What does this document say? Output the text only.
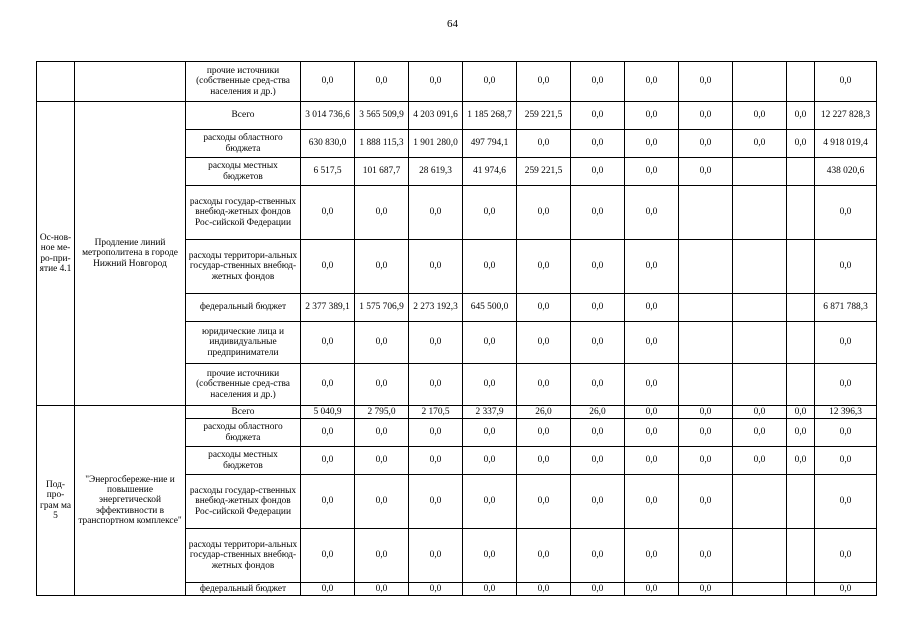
64
		прочие источники (собственные сред-ства населения и др.)	0,0	0,0	0,0	0,0	0,0	0,0	0,0	0,0			0,0
Ос-нов-ное ме-ро-при-ятие 4.1	Продление линий метрополитена в городе Нижний Новгород	Всего	3 014 736,6	3 565 509,9	4 203 091,6	1 185 268,7	259 221,5	0,0	0,0	0,0	0,0	0,0	12 227 828,3
		расходы областного бюджета	630 830,0	1 888 115,3	1 901 280,0	497 794,1	0,0	0,0	0,0	0,0	0,0	0,0	4 918 019,4
		расходы местных бюджетов	6 517,5	101 687,7	28 619,3	41 974,6	259 221,5	0,0	0,0	0,0			438 020,6
		расходы государ-ственных внебюд-жетных фондов Рос-сийской Федерации	0,0	0,0	0,0	0,0	0,0	0,0	0,0				0,0
		расходы территори-альных государ-ственных внебюд-жетных фондов	0,0	0,0	0,0	0,0	0,0	0,0	0,0				0,0
		федеральный бюджет	2 377 389,1	1 575 706,9	2 273 192,3	645 500,0	0,0	0,0	0,0				6 871 788,3
		юридические лица и индивидуальные предприниматели	0,0	0,0	0,0	0,0	0,0	0,0	0,0				0,0
		прочие источники (собственные сред-ства населения и др.)	0,0	0,0	0,0	0,0	0,0	0,0	0,0				0,0
Под-про-грам ма 5	"Энергосбереже-ние и повышение энергетической эффективности в транспортном комплексе"	Всего	5 040,9	2 795,0	2 170,5	2 337,9	26,0	26,0	0,0	0,0	0,0	0,0	12 396,3
		расходы областного бюджета	0,0	0,0	0,0	0,0	0,0	0,0	0,0	0,0	0,0	0,0	0,0
		расходы местных бюджетов	0,0	0,0	0,0	0,0	0,0	0,0	0,0	0,0	0,0	0,0	0,0
		расходы государ-ственных внебюд-жетных фондов Рос-сийской Федерации	0,0	0,0	0,0	0,0	0,0	0,0	0,0	0,0			0,0
		расходы территори-альных государ-ственных внебюд-жетных фондов	0,0	0,0	0,0	0,0	0,0	0,0	0,0	0,0			0,0
		федеральный бюджет	0,0	0,0	0,0	0,0	0,0	0,0	0,0	0,0			0,0
